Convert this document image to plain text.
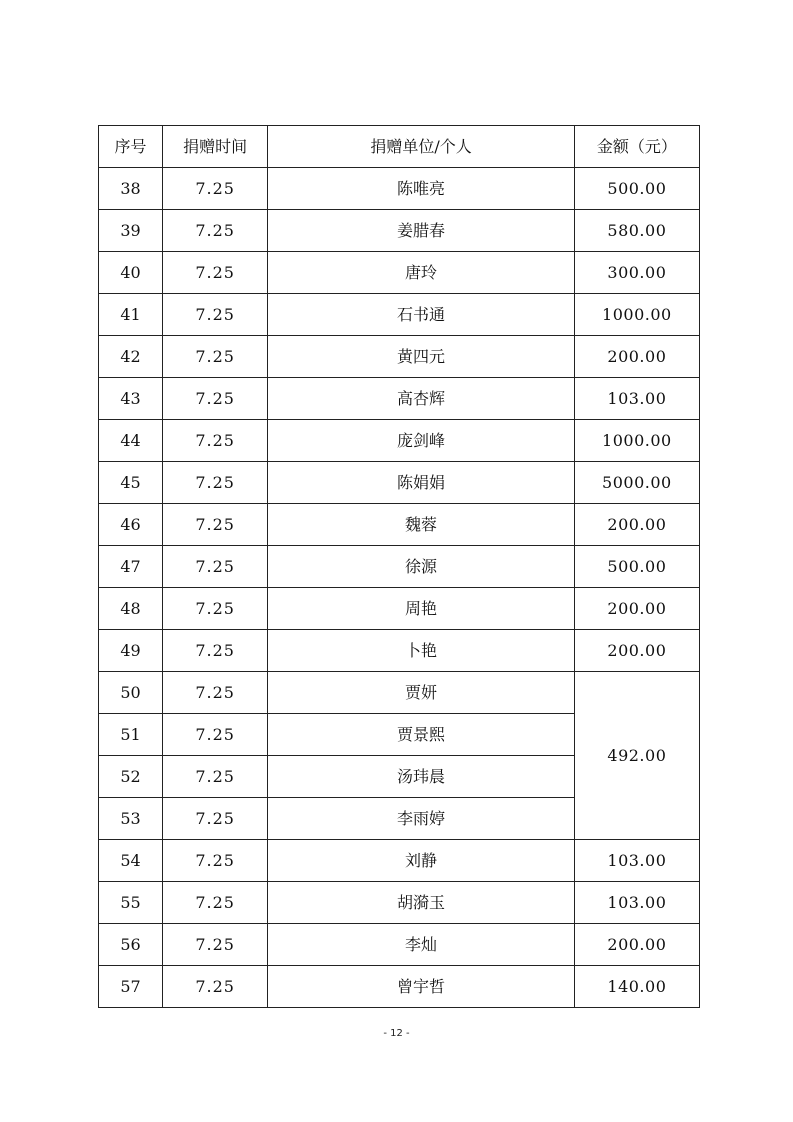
序号	捐赠时间	捐赠单位/个人	金额（元）
38	7.25	陈唯亮	500.00
39	7.25	姜腊春	580.00
40	7.25	唐玲	300.00
41	7.25	石书通	1000.00
42	7.25	黄四元	200.00
43	7.25	高杏辉	103.00
44	7.25	庞剑峰	1000.00
45	7.25	陈娟娟	5000.00
46	7.25	魏蓉	200.00
47	7.25	徐源	500.00
48	7.25	周艳	200.00
49	7.25	卜艳	200.00
50	7.25	贾妍	492.00
51	7.25	贾景熙	
52	7.25	汤玮晨	
53	7.25	李雨婷	
54	7.25	刘静	103.00
55	7.25	胡漪玉	103.00
56	7.25	李灿	200.00
57	7.25	曾宇哲	140.00
- 12 -
